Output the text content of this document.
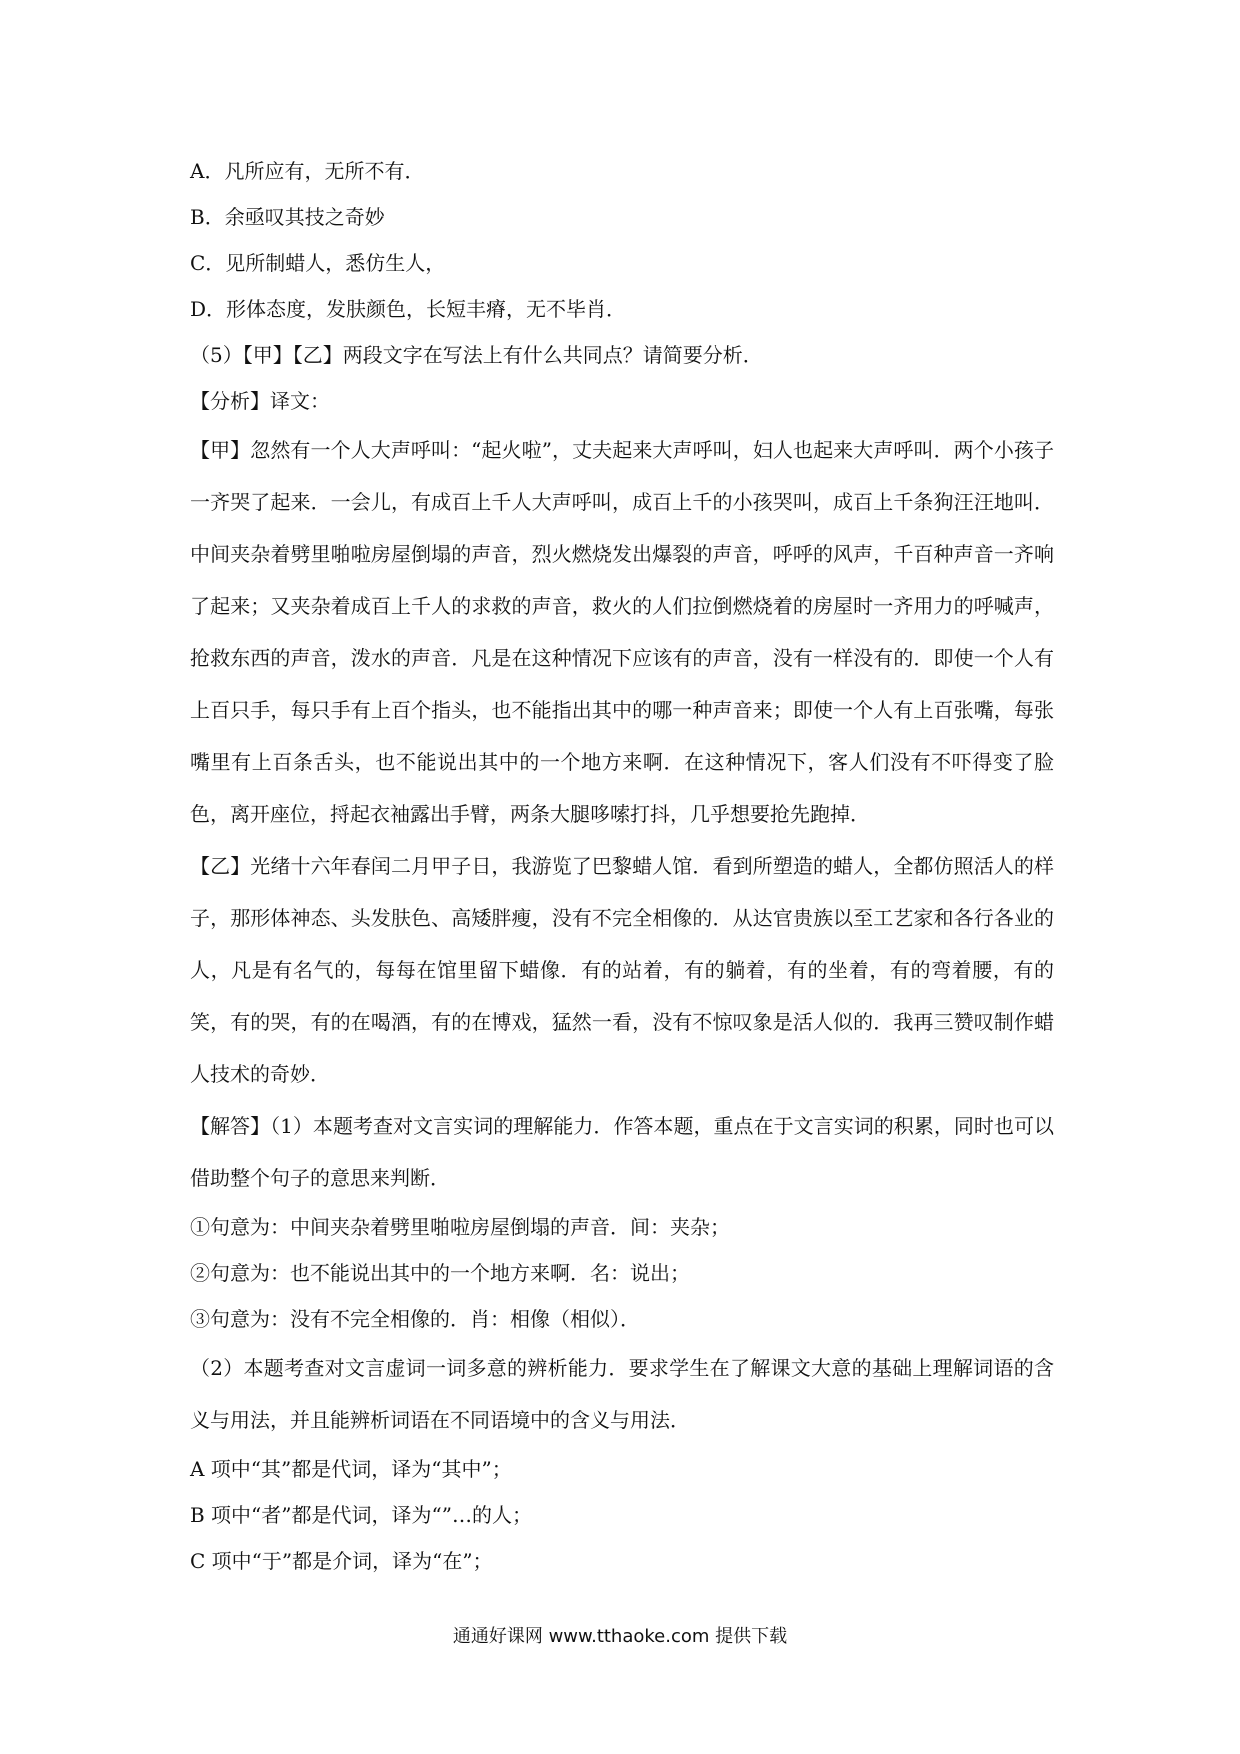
A．凡所应有，无所不有．
B．余亟叹其技之奇妙
C．见所制蜡人，悉仿生人，
D．形体态度，发肤颜色，长短丰瘠，无不毕肖．
（5）【甲】【乙】两段文字在写法上有什么共同点？请简要分析．
【分析】译文：

【甲】忽然有一个人大声呼叫：“起火啦”，丈夫起来大声呼叫，妇人也起来大声呼叫．两个小孩子一齐哭了起来．一会儿，有成百上千人大声呼叫，成百上千的小孩哭叫，成百上千条狗汪汪地叫．中间夹杂着劈里啪啦房屋倒塌的声音，烈火燃烧发出爆裂的声音，呼呼的风声，千百种声音一齐响了起来；又夹杂着成百上千人的求救的声音，救火的人们拉倒燃烧着的房屋时一齐用力的呼喊声，抢救东西的声音，泼水的声音．凡是在这种情况下应该有的声音，没有一样没有的．即使一个人有上百只手，每只手有上百个指头，也不能指出其中的哪一种声音来；即使一个人有上百张嘴，每张嘴里有上百条舌头，也不能说出其中的一个地方来啊．在这种情况下，客人们没有不吓得变了脸色，离开座位，捋起衣袖露出手臂，两条大腿哆嗦打抖，几乎想要抢先跑掉．

【乙】光绪十六年春闰二月甲子日，我游览了巴黎蜡人馆．看到所塑造的蜡人，全都仿照活人的样子，那形体神态、头发肤色、高矮胖瘦，没有不完全相像的．从达官贵族以至工艺家和各行各业的人，凡是有名气的，每每在馆里留下蜡像．有的站着，有的躺着，有的坐着，有的弯着腰，有的笑，有的哭，有的在喝酒，有的在博戏，猛然一看，没有不惊叹象是活人似的．我再三赞叹制作蜡人技术的奇妙．

【解答】（1）本题考查对文言实词的理解能力．作答本题，重点在于文言实词的积累，同时也可以借助整个句子的意思来判断．

①句意为：中间夹杂着劈里啪啦房屋倒塌的声音．间：夹杂；
②句意为：也不能说出其中的一个地方来啊．名：说出；
③句意为：没有不完全相像的．肖：相像（相似）．

（2）本题考查对文言虚词一词多意的辨析能力．要求学生在了解课文大意的基础上理解词语的含义与用法，并且能辨析词语在不同语境中的含义与用法．

A 项中“其”都是代词，译为“其中”；
B 项中“者”都是代词，译为“”…的人；
C 项中“于”都是介词，译为“在”；
通通好课网 www.tthaoke.com 提供下载
